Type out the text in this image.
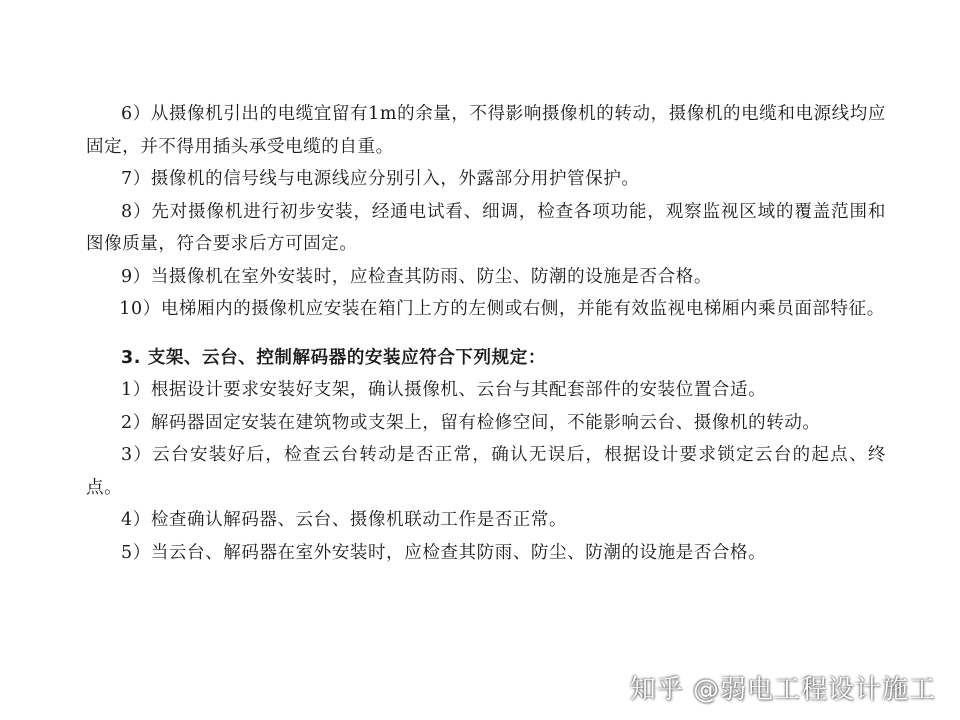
6）从摄像机引出的电缆宜留有1m的余量，不得影响摄像机的转动，摄像机的电缆和电源线均应固定，并不得用插头承受电缆的自重。

7）摄像机的信号线与电源线应分别引入，外露部分用护管保护。

8）先对摄像机进行初步安装，经通电试看、细调，检查各项功能，观察监视区域的覆盖范围和图像质量，符合要求后方可固定。

9）当摄像机在室外安装时，应检查其防雨、防尘、防潮的设施是否合格。

10）电梯厢内的摄像机应安装在箱门上方的左侧或右侧，并能有效监视电梯厢内乘员面部特征。

3. 支架、云台、控制解码器的安装应符合下列规定：

1）根据设计要求安装好支架，确认摄像机、云台与其配套部件的安装位置合适。

2）解码器固定安装在建筑物或支架上，留有检修空间，不能影响云台、摄像机的转动。

3）云台安装好后，检查云台转动是否正常，确认无误后，根据设计要求锁定云台的起点、终点。

4）检查确认解码器、云台、摄像机联动工作是否正常。

5）当云台、解码器在室外安装时，应检查其防雨、防尘、防潮的设施是否合格。

知乎 @弱电工程设计施工
